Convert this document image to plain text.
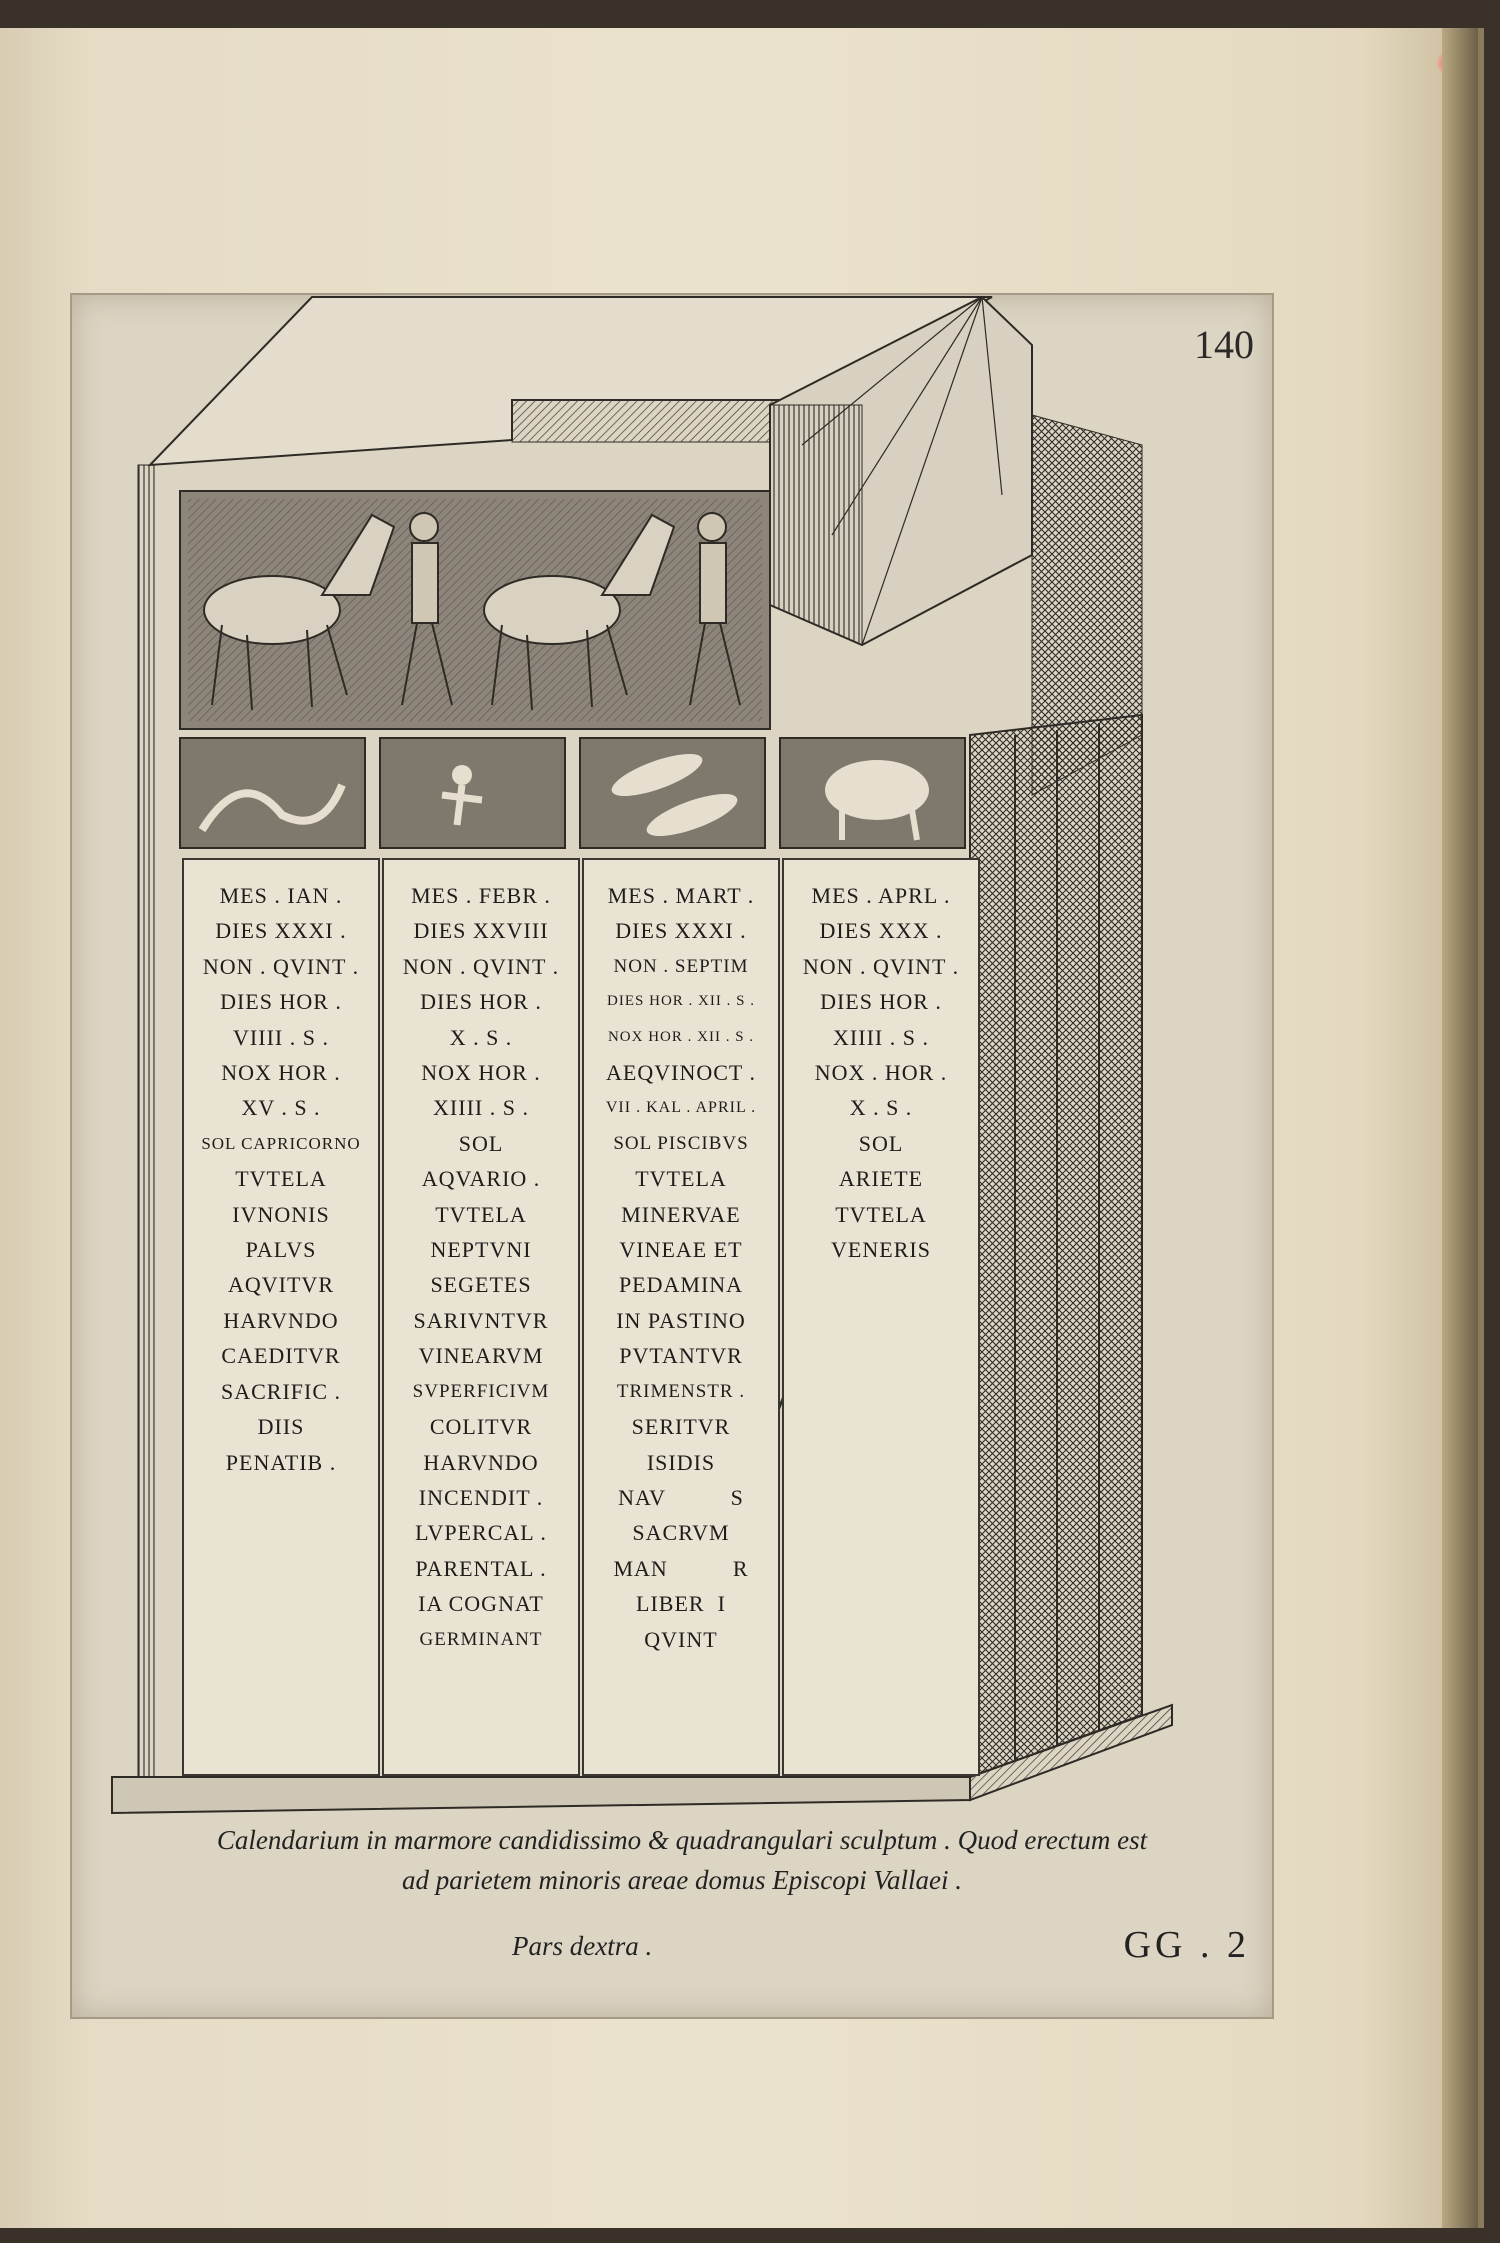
140
MES . IAN .
DIES XXXI .
NON . QVINT .
DIES HOR .
VIIII . S .
NOX HOR .
XV . S .
SOL CAPRICORNO
TVTELA
IVNONIS
PALVS
AQVITVR
HARVNDO
CAEDITVR
SACRIFIC .
DIIS
PENATIB .
MES . FEBR .
DIES XXVIII
NON . QVINT .
DIES HOR .
X . S .
NOX HOR .
XIIII . S .
SOL
AQVARIO .
TVTELA
NEPTVNI
SEGETES
SARIVNTVR
VINEARVM
SVPERFICIVM
COLITVR
HARVNDO
INCENDIT .
LVPERCAL .
PARENTAL .
IA COGNAT
GERMINANT
MES . MART .
DIES XXXI .
NON . SEPTIM
DIES HOR . XII . S .
NOX HOR . XII . S .
AEQVINOCT .
VII . KAL . APRIL .
SOL PISCIBVS
TVTELA
MINERVAE
VINEAE ET
PEDAMINA
IN PASTINO
PVTANTVR
TRIMENSTR .
SERITVR
ISIDIS
NAV          S
SACRVM
MAN          R
LIBER  I
QVINT
MES . APRL .
DIES XXX .
NON . QVINT .
DIES HOR .
XIIII . S .
NOX . HOR .
X . S .
SOL
ARIETE
TVTELA
VENERIS
Calendarium in marmore candidissimo & quadrangulari sculptum . Quod erectum est
ad parietem minoris areae domus Episcopi Vallaei .
Pars dextra .	GG . 2
